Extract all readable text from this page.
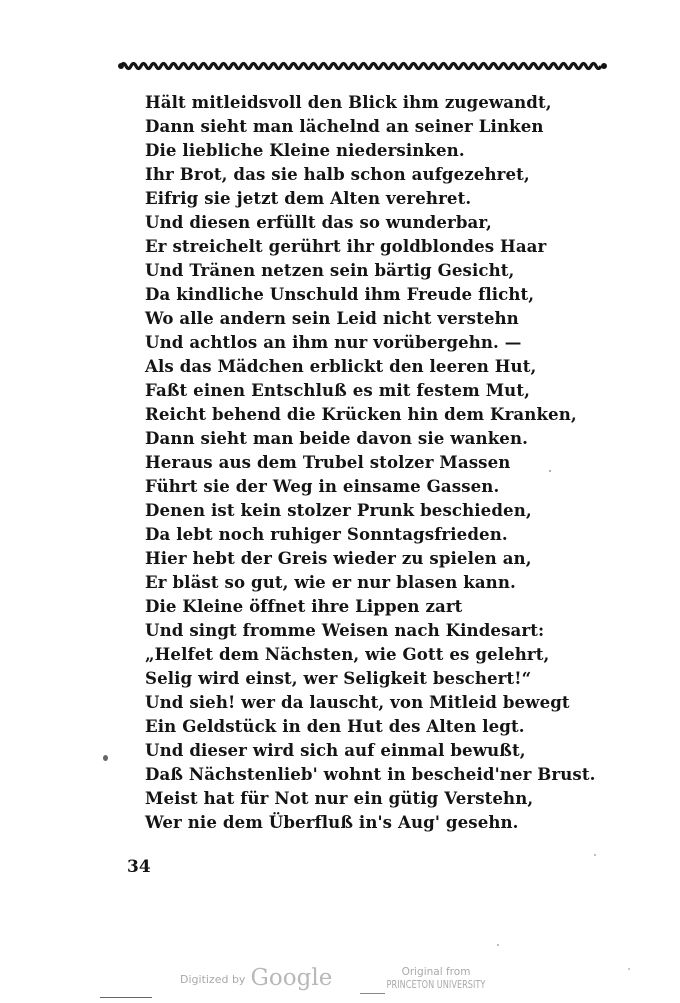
Hält mitleidsvoll den Blick ihm zugewandt,
Dann sieht man lächelnd an seiner Linken
Die liebliche Kleine niedersinken.
Ihr Brot, das sie halb schon aufgezehret,
Eifrig sie jetzt dem Alten verehret.
Und diesen erfüllt das so wunderbar,
Er streichelt gerührt ihr goldblondes Haar
Und Tränen netzen sein bärtig Gesicht,
Da kindliche Unschuld ihm Freude flicht,
Wo alle andern sein Leid nicht verstehn
Und achtlos an ihm nur vorübergehn. —
Als das Mädchen erblickt den leeren Hut,
Faßt einen Entschluß es mit festem Mut,
Reicht behend die Krücken hin dem Kranken,
Dann sieht man beide davon sie wanken.
Heraus aus dem Trubel stolzer Massen
Führt sie der Weg in einsame Gassen.
Denen ist kein stolzer Prunk beschieden,
Da lebt noch ruhiger Sonntagsfrieden.
Hier hebt der Greis wieder zu spielen an,
Er bläst so gut, wie er nur blasen kann.
Die Kleine öffnet ihre Lippen zart
Und singt fromme Weisen nach Kindesart:
„Helfet dem Nächsten, wie Gott es gelehrt,
Selig wird einst, wer Seligkeit beschert!“
Und sieh! wer da lauscht, von Mitleid bewegt
Ein Geldstück in den Hut des Alten legt.
Und dieser wird sich auf einmal bewußt,
Daß Nächstenlieb' wohnt in bescheid'ner Brust.
Meist hat für Not nur ein gütig Verstehn,
Wer nie dem Überfluß in's Aug' gesehn.
34
Digitized by Google	Original from
PRINCETON UNIVERSITY
